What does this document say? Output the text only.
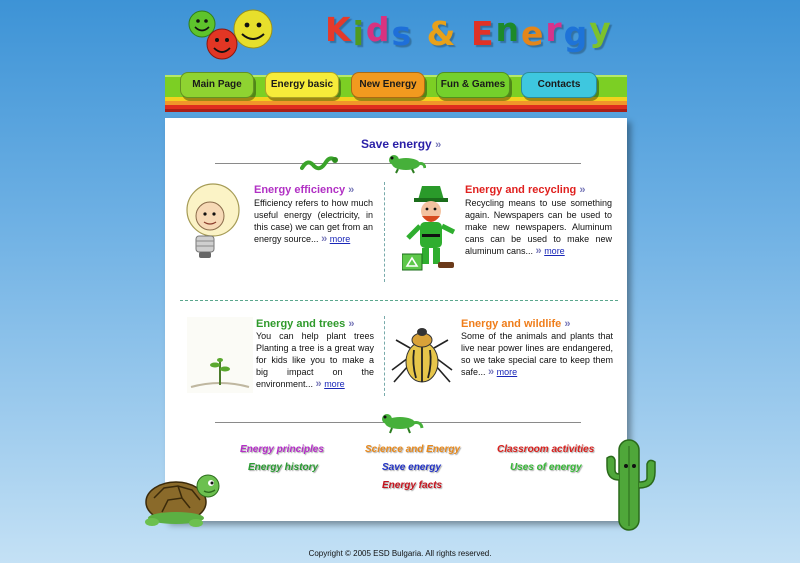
Kids & Energy
Main Page	Energy basic	New Energy	Fun & Games	Contacts
Save energy »
Energy efficiency »
Efficiency refers to how much useful energy (electricity, in this case) we can get from an energy source... » more
Energy and recycling »
Recycling means to use something again. Newspapers can be used to make new newspapers. Aluminum cans can be used to make new aluminum cans... » more
Energy and trees »
You can help plant trees Planting a tree is a great way for kids like you to make a big impact on the environment... » more
Energy and wildlife »
Some of the animals and plants that live near power lines are endangered, so we take special care to keep them safe... » more
Energy principles	Science and Energy	Classroom activities
Energy history	Save energy	Uses of energy
Energy facts
Copyright © 2005 ESD Bulgaria. All rights reserved.
